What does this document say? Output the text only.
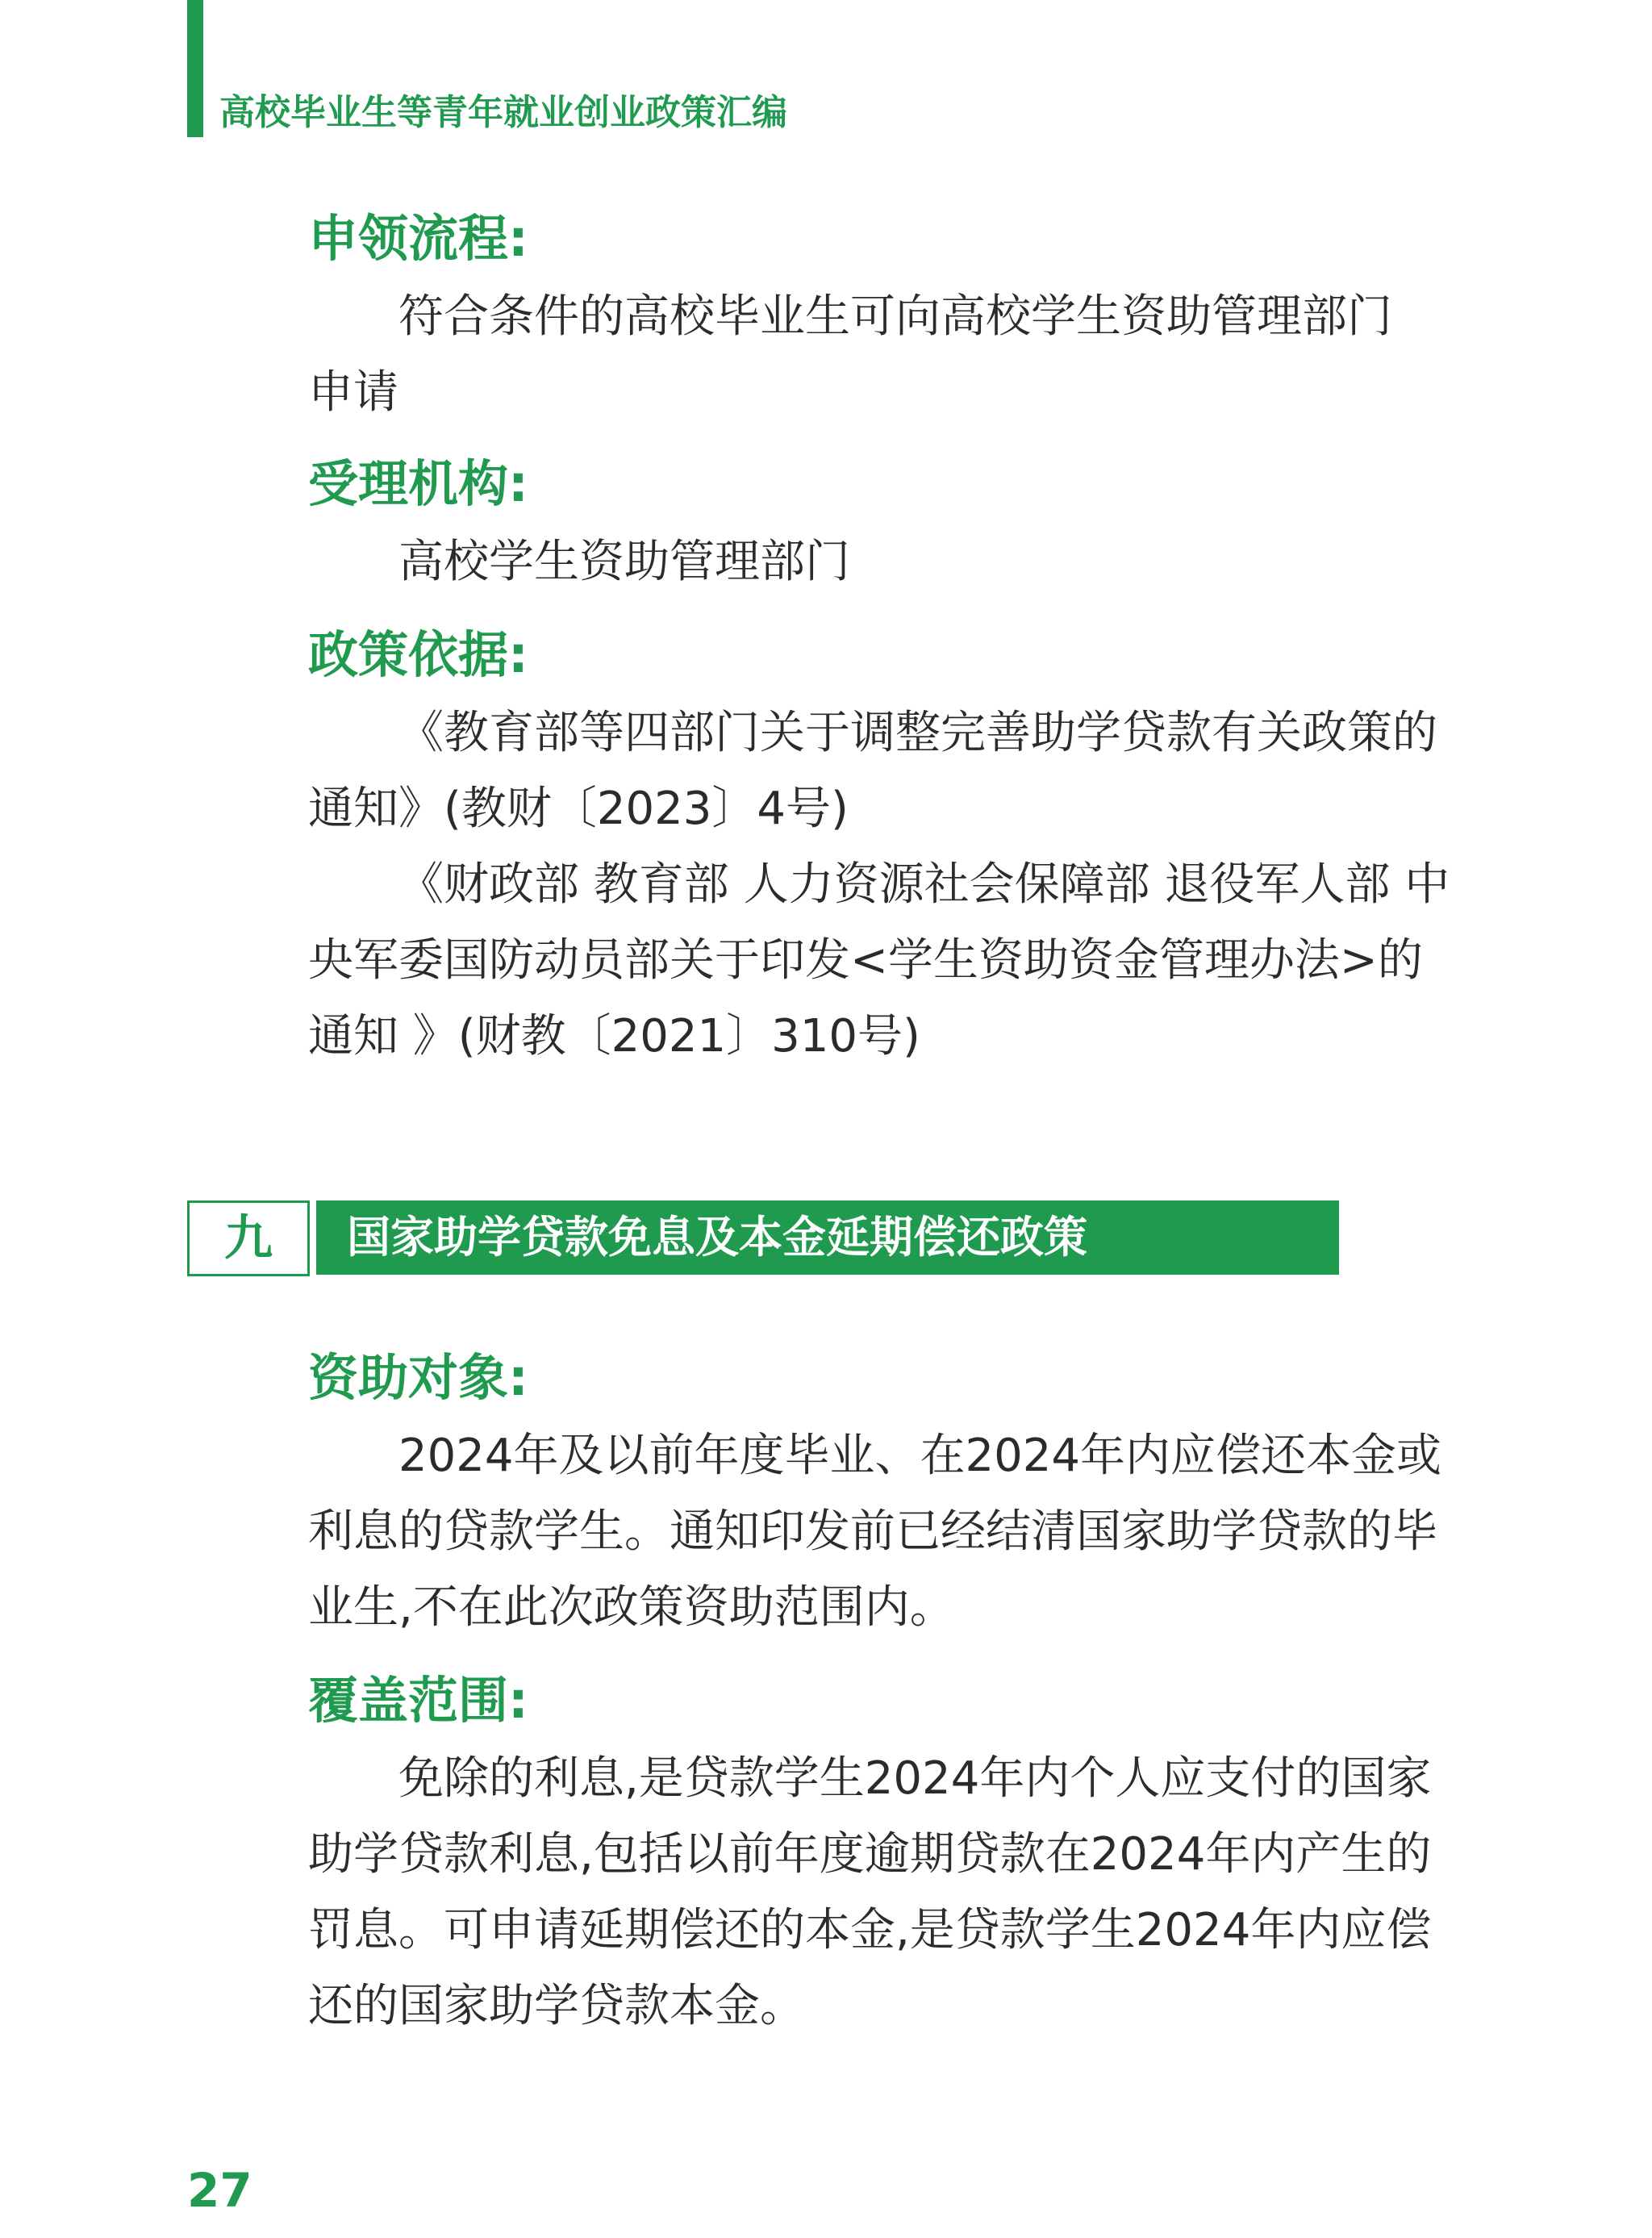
高校毕业生等青年就业创业政策汇编
申领流程:
符合条件的高校毕业生可向高校学生资助管理部门
申请
受理机构:
高校学生资助管理部门
政策依据:
《教育部等四部门关于调整完善助学贷款有关政策的
通知》(教财〔2023〕4号)
《财政部 教育部 人力资源社会保障部 退役军人部 中
央军委国防动员部关于印发<学生资助资金管理办法>的
通知 》(财教〔2021〕310号)
九	国家助学贷款免息及本金延期偿还政策
资助对象:
2024年及以前年度毕业、在2024年内应偿还本金或
利息的贷款学生。通知印发前已经结清国家助学贷款的毕
业生,不在此次政策资助范围内。
覆盖范围:
免除的利息,是贷款学生2024年内个人应支付的国家
助学贷款利息,包括以前年度逾期贷款在2024年内产生的
罚息。可申请延期偿还的本金,是贷款学生2024年内应偿
还的国家助学贷款本金。
27
